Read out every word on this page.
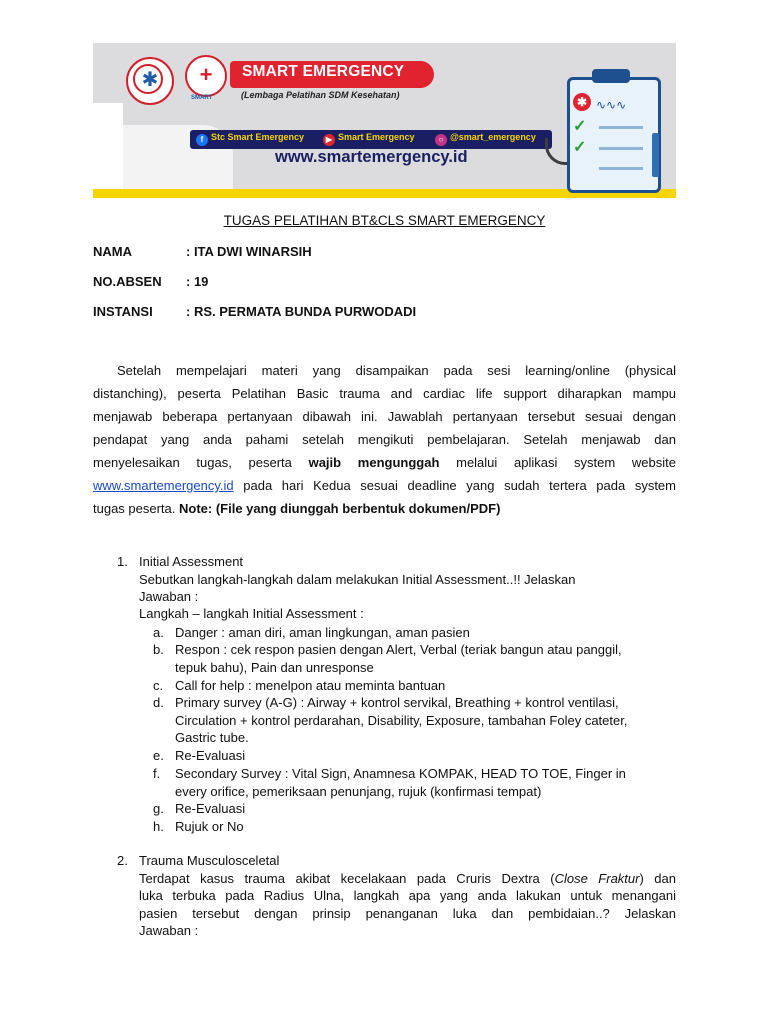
✱	+
SMART
SMART EMERGENCY
(Lembaga Pelatihan SDM Kesehatan)
f Stc Smart Emergency	▶ Smart Emergency	○ @smart_emergency
www.smartemergency.id
✱ ∿∿∿
✓
✓
TUGAS PELATIHAN BT&CLS SMART EMERGENCY
NAMA	: ITA DWI WINARSIH
NO.ABSEN : 19
INSTANSI	: RS. PERMATA BUNDA PURWODADI
Setelah mempelajari materi yang disampaikan pada sesi learning/online (physical
distanching), peserta Pelatihan Basic trauma and cardiac life support diharapkan mampu
menjawab beberapa pertanyaan dibawah ini. Jawablah pertanyaan tersebut sesuai dengan
pendapat yang anda pahami setelah mengikuti pembelajaran. Setelah menjawab dan
menyelesaikan tugas, peserta wajib mengunggah melalui aplikasi system website
www.smartemergency.id pada hari Kedua sesuai deadline yang sudah tertera pada system
tugas peserta. Note: (File yang diunggah berbentuk dokumen/PDF)
1. Initial Assessment
Sebutkan langkah-langkah dalam melakukan Initial Assessment..!! Jelaskan
Jawaban :
Langkah – langkah Initial Assessment :
a. Danger : aman diri, aman lingkungan, aman pasien
b. Respon : cek respon pasien dengan Alert, Verbal (teriak bangun atau panggil,
tepuk bahu), Pain dan unresponse
c. Call for help : menelpon atau meminta bantuan
d. Primary survey (A-G) : Airway + kontrol servikal, Breathing + kontrol ventilasi,
Circulation + kontrol perdarahan, Disability, Exposure, tambahan Foley cateter,
Gastric tube.
e. Re-Evaluasi
f. Secondary Survey : Vital Sign, Anamnesa KOMPAK, HEAD TO TOE, Finger in
every orifice, pemeriksaan penunjang, rujuk (konfirmasi tempat)
g. Re-Evaluasi
h. Rujuk or No
2. Trauma Musculosceletal
Terdapat kasus trauma akibat kecelakaan pada Cruris Dextra (Close Fraktur) dan
luka terbuka pada Radius Ulna, langkah apa yang anda lakukan untuk menangani
pasien tersebut dengan prinsip penanganan luka dan pembidaian..? Jelaskan
Jawaban :
